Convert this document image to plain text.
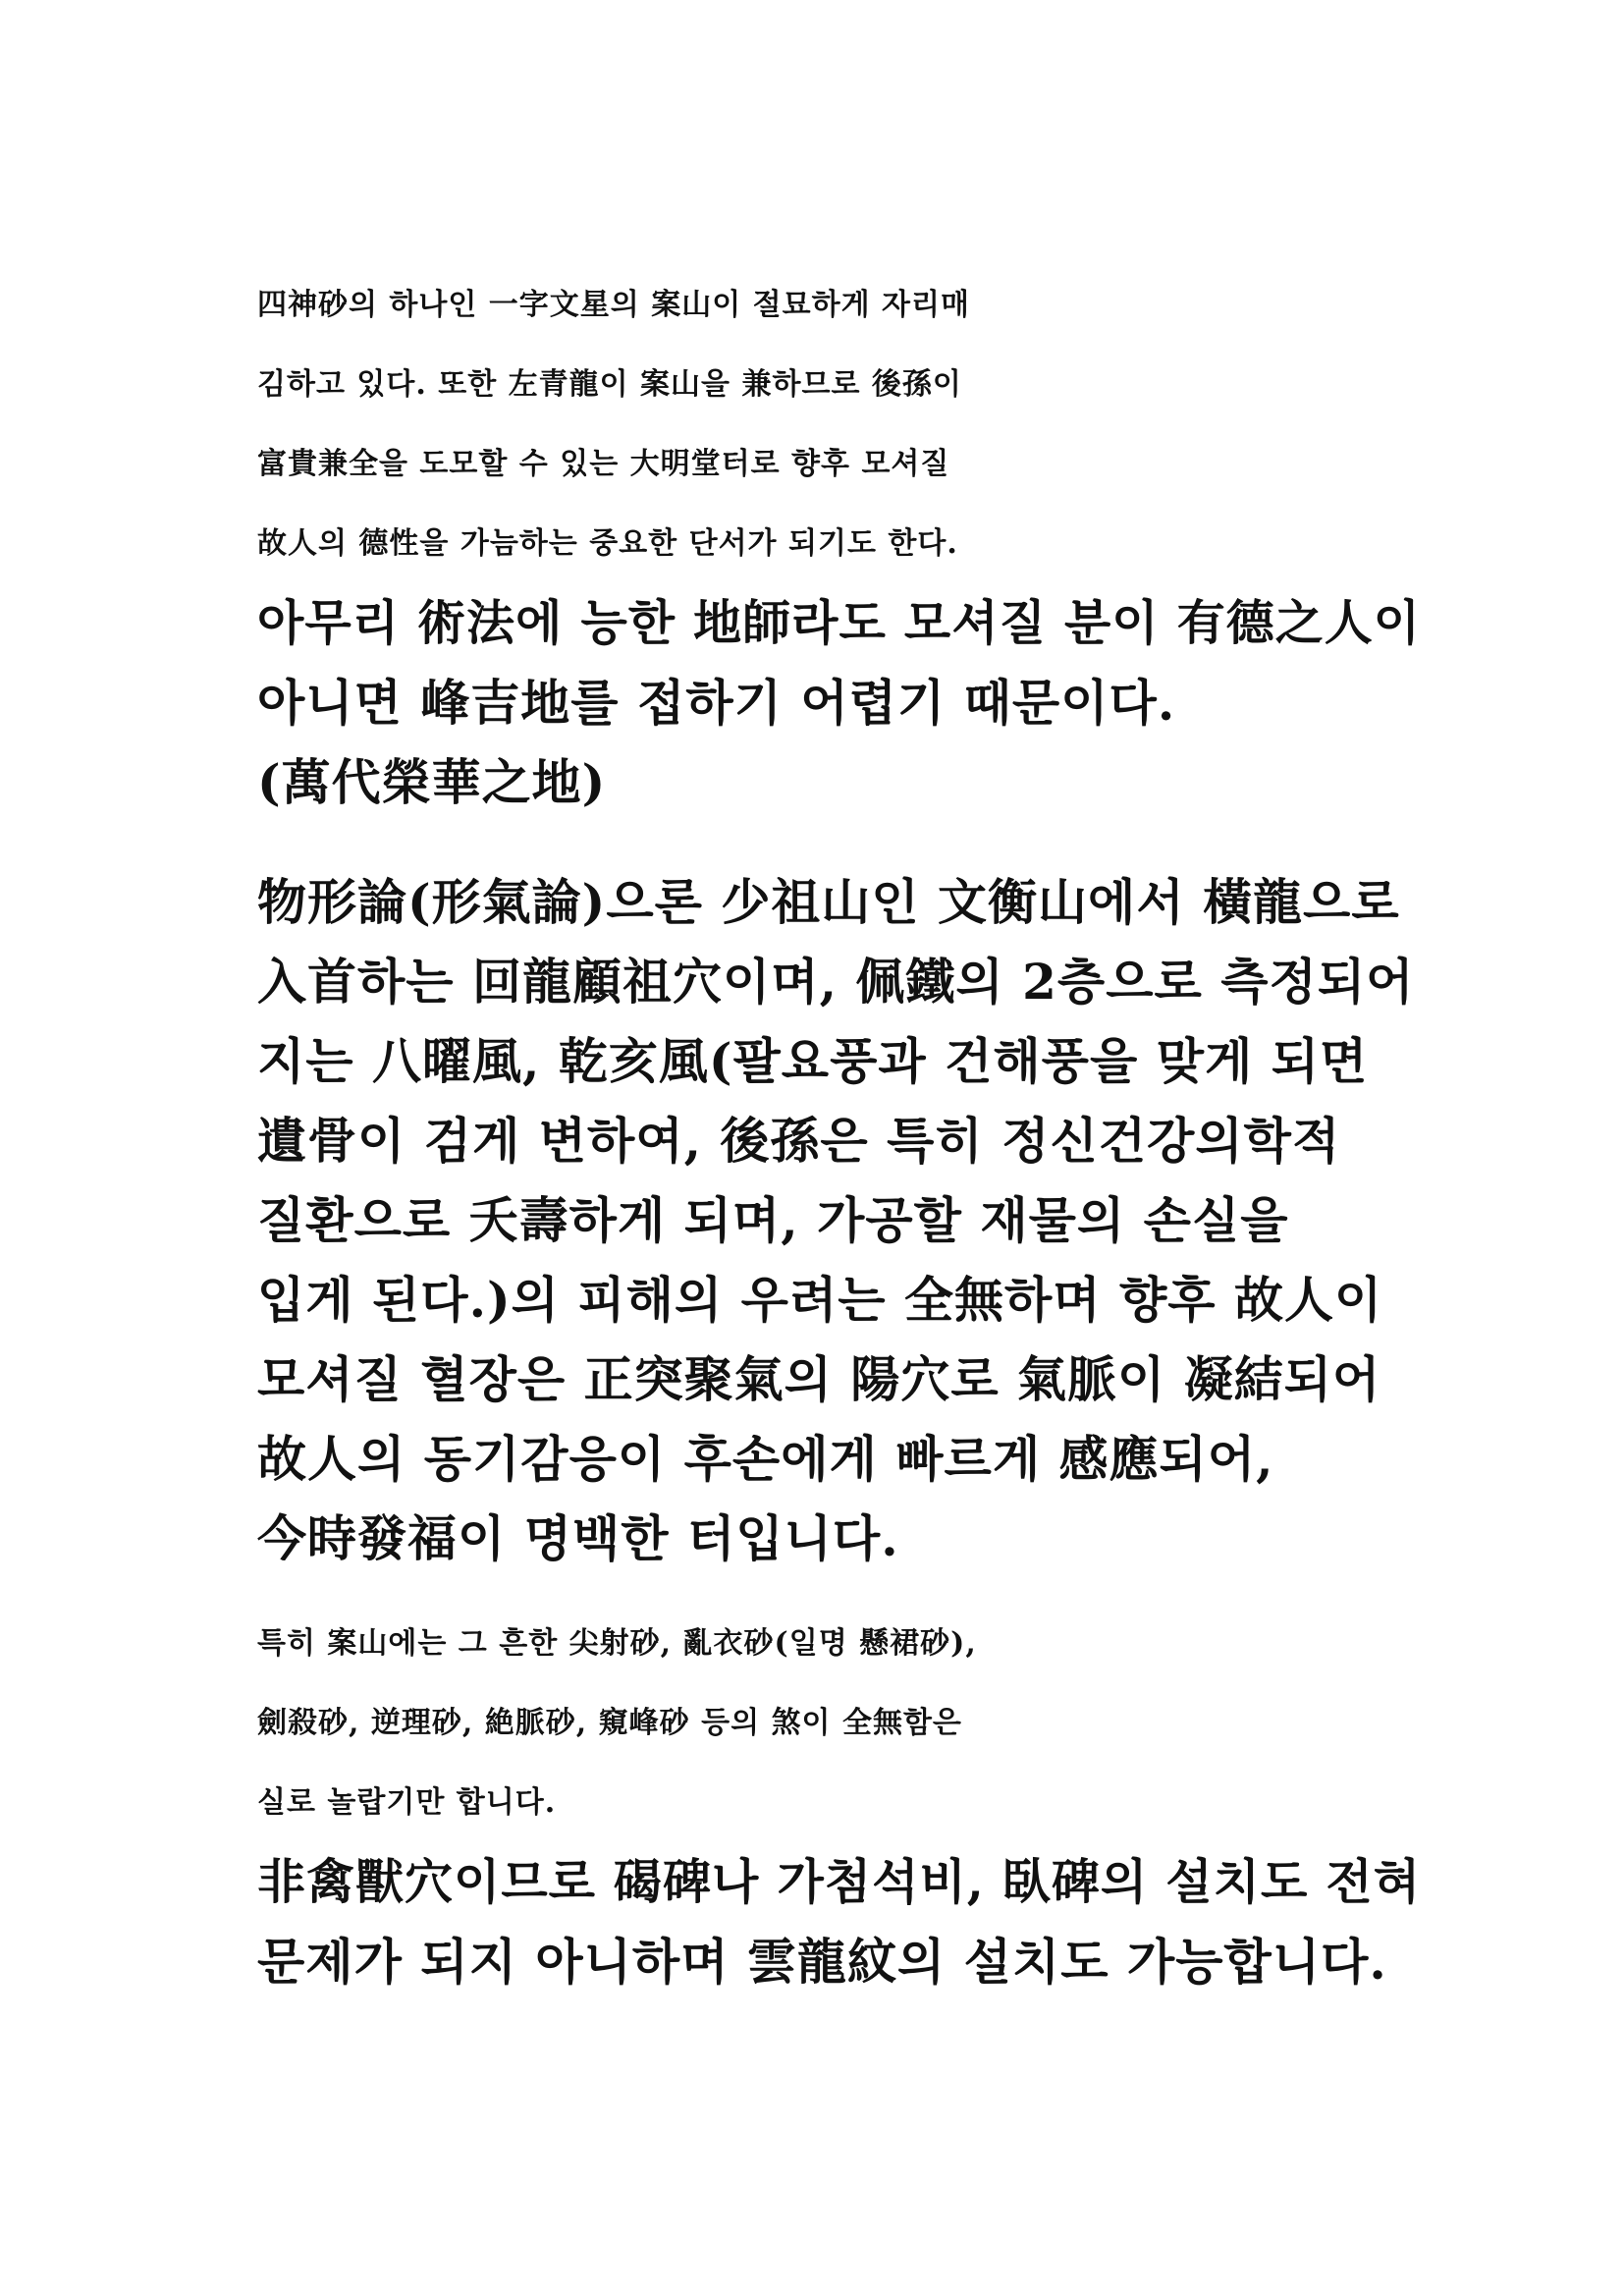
四神砂의 하나인 一字文星의 案山이 절묘하게 자리매
김하고 있다. 또한 左青龍이 案山을 兼하므로 後孫이
富貴兼全을 도모할 수 있는 大明堂터로 향후 모셔질
故人의 德性을 가늠하는 중요한 단서가 되기도 한다.
아무리 術法에 능한 地師라도 모셔질 분이 有德之人이
아니면 峰吉地를 접하기 어렵기 때문이다.
(萬代榮華之地)
物形論(形氣論)으론 少祖山인 文衡山에서 橫龍으로
入首하는 回龍顧祖穴이며, 佩鐵의 2층으로 측정되어
지는 八曜風, 乾亥風(팔요풍과 건해풍을 맞게 되면
遺骨이 검게 변하여, 後孫은 특히 정신건강의학적
질환으로 夭壽하게 되며, 가공할 재물의 손실을
입게 된다.)의 피해의 우려는 全無하며 향후 故人이
모셔질 혈장은 正突聚氣의 陽穴로 氣脈이 凝結되어
故人의 동기감응이 후손에게 빠르게 感應되어,
今時發福이 명백한 터입니다.
특히 案山에는 그 흔한 尖射砂, 亂衣砂(일명 懸裙砂),
劍殺砂, 逆理砂, 絶脈砂, 窺峰砂 등의 煞이 全無함은
실로 놀랍기만 합니다.
非禽獸穴이므로 碣碑나 가첨석비, 臥碑의 설치도 전혀
문제가 되지 아니하며 雲龍紋의 설치도 가능합니다.
